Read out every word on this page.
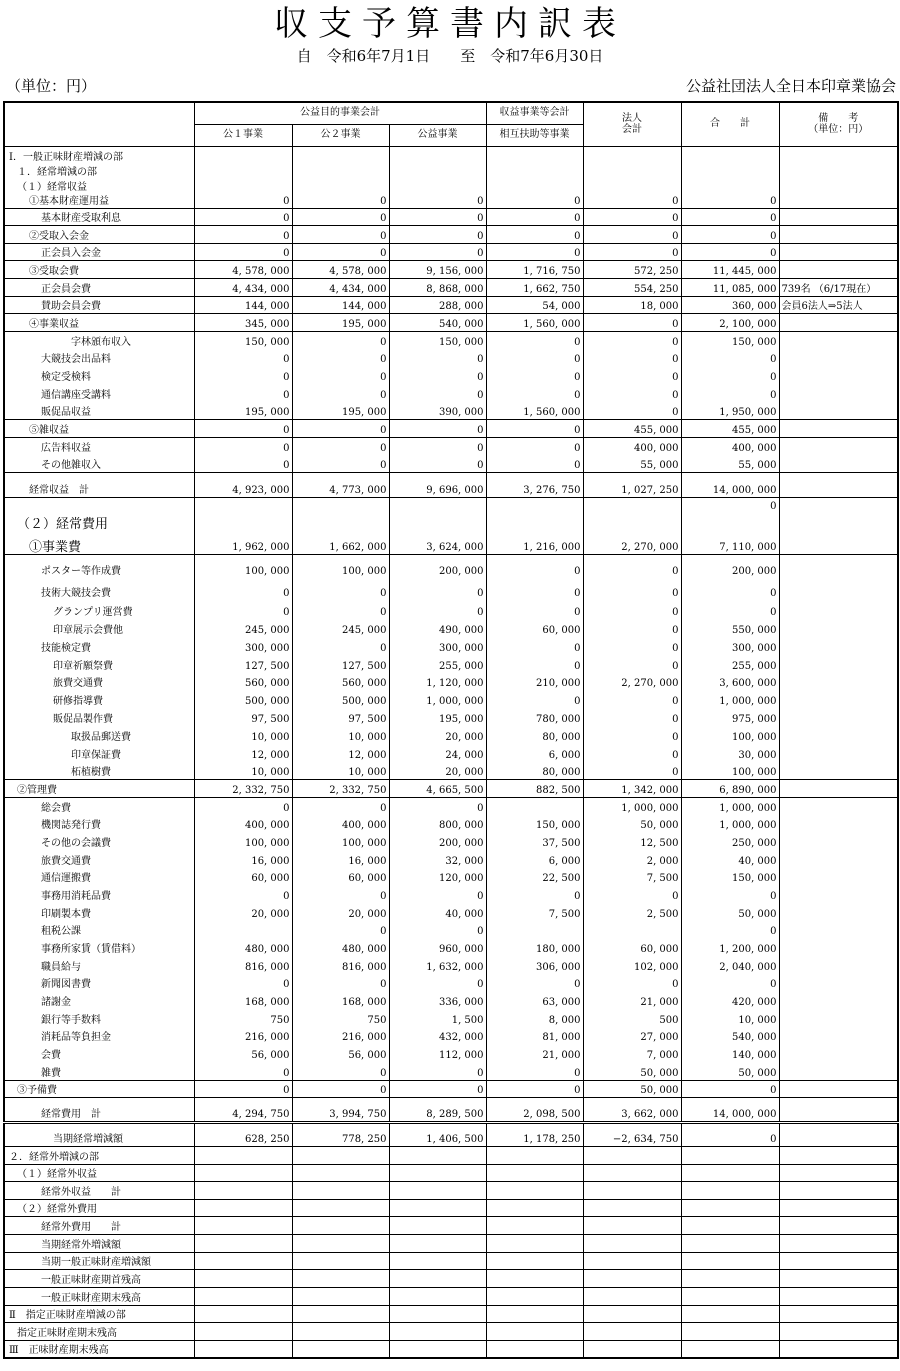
収支予算書内訳表
自　令和6年7月1日　　至　令和7年6月30日
（単位：円）	公益社団法人全日本印章業協会
	公益目的事業会計			収益事業等会計	法人
会計	合　　計	備　　考
（単位：円）
	公１事業	公２事業	公益事業	相互扶助等事業			
Ⅰ．一般正味財産増減の部							
１．経常増減の部							
（１）経常収益							
①基本財産運用益	0	0	0	0	0	0	
基本財産受取利息	0	0	0	0	0	0	
②受取入会金	0	0	0	0	0	0	
正会員入会金	0	0	0	0	0	0	
③受取会費	4, 578, 000	4, 578, 000	9, 156, 000	1, 716, 750	572, 250	11, 445, 000	
正会員会費	4, 434, 000	4, 434, 000	8, 868, 000	1, 662, 750	554, 250	11, 085, 000	739名 （6/17現在）
賛助会員会費	144, 000	144, 000	288, 000	54, 000	18, 000	360, 000	会員6法人⇒5法人
④事業収益	345, 000	195, 000	540, 000	1, 560, 000	0	2, 100, 000	
字林頒布収入	150, 000	0	150, 000	0	0	150, 000	
大競技会出品料	0	0	0	0	0	0	
検定受検料	0	0	0	0	0	0	
通信講座受講料	0	0	0	0	0	0	
販促品収益	195, 000	195, 000	390, 000	1, 560, 000	0	1, 950, 000	
⑤雑収益	0	0	0	0	455, 000	455, 000	
広告料収益	0	0	0	0	400, 000	400, 000	
その他雑収入	0	0	0	0	55, 000	55, 000	
経常収益　計	4, 923, 000	4, 773, 000	9, 696, 000	3, 276, 750	1, 027, 250	14, 000, 000	
						0	
（２）経常費用							
①事業費	1, 962, 000	1, 662, 000	3, 624, 000	1, 216, 000	2, 270, 000	7, 110, 000	
ポスター等作成費	100, 000	100, 000	200, 000	0	0	200, 000	
技術大競技会費	0	0	0	0	0	0	
グランプリ運営費	0	0	0	0	0	0	
印章展示会費他	245, 000	245, 000	490, 000	60, 000	0	550, 000	
技能検定費	300, 000	0	300, 000	0	0	300, 000	
印章祈願祭費	127, 500	127, 500	255, 000	0	0	255, 000	
旅費交通費	560, 000	560, 000	1, 120, 000	210, 000	2, 270, 000	3, 600, 000	
研修指導費	500, 000	500, 000	1, 000, 000	0	0	1, 000, 000	
販促品製作費	97, 500	97, 500	195, 000	780, 000	0	975, 000	
取扱品郵送費	10, 000	10, 000	20, 000	80, 000	0	100, 000	
印章保証費	12, 000	12, 000	24, 000	6, 000	0	30, 000	
柘植樹費	10, 000	10, 000	20, 000	80, 000	0	100, 000	
②管理費	2, 332, 750	2, 332, 750	4, 665, 500	882, 500	1, 342, 000	6, 890, 000	
総会費	0	0	0		1, 000, 000	1, 000, 000	
機関誌発行費	400, 000	400, 000	800, 000	150, 000	50, 000	1, 000, 000	
その他の会議費	100, 000	100, 000	200, 000	37, 500	12, 500	250, 000	
旅費交通費	16, 000	16, 000	32, 000	6, 000	2, 000	40, 000	
通信運搬費	60, 000	60, 000	120, 000	22, 500	7, 500	150, 000	
事務用消耗品費	0	0	0	0	0	0	
印刷製本費	20, 000	20, 000	40, 000	7, 500	2, 500	50, 000	
租税公課		0	0			0	
事務所家賃（賃借料）	480, 000	480, 000	960, 000	180, 000	60, 000	1, 200, 000	
職員給与	816, 000	816, 000	1, 632, 000	306, 000	102, 000	2, 040, 000	
新聞図書費	0	0	0	0	0	0	
諸謝金	168, 000	168, 000	336, 000	63, 000	21, 000	420, 000	
銀行等手数料	750	750	1, 500	8, 000	500	10, 000	
消耗品等負担金	216, 000	216, 000	432, 000	81, 000	27, 000	540, 000	
会費	56, 000	56, 000	112, 000	21, 000	7, 000	140, 000	
雑費	0	0	0	0	50, 000	50, 000	
③予備費	0	0	0	0	50, 000	0	
経常費用　計	4, 294, 750	3, 994, 750	8, 289, 500	2, 098, 500	3, 662, 000	14, 000, 000	
当期経常増減額	628, 250	778, 250	1, 406, 500	1, 178, 250	−2, 634, 750	0	
２．経常外増減の部							
（１）経常外収益							
経常外収益　　計							
（２）経常外費用							
経常外費用　　計							
当期経常外増減額							
当期一般正味財産増減額							
一般正味財産期首残高							
一般正味財産期末残高							
Ⅱ　指定正味財産増減の部							
指定正味財産期末残高							
Ⅲ　正味財産期末残高							
